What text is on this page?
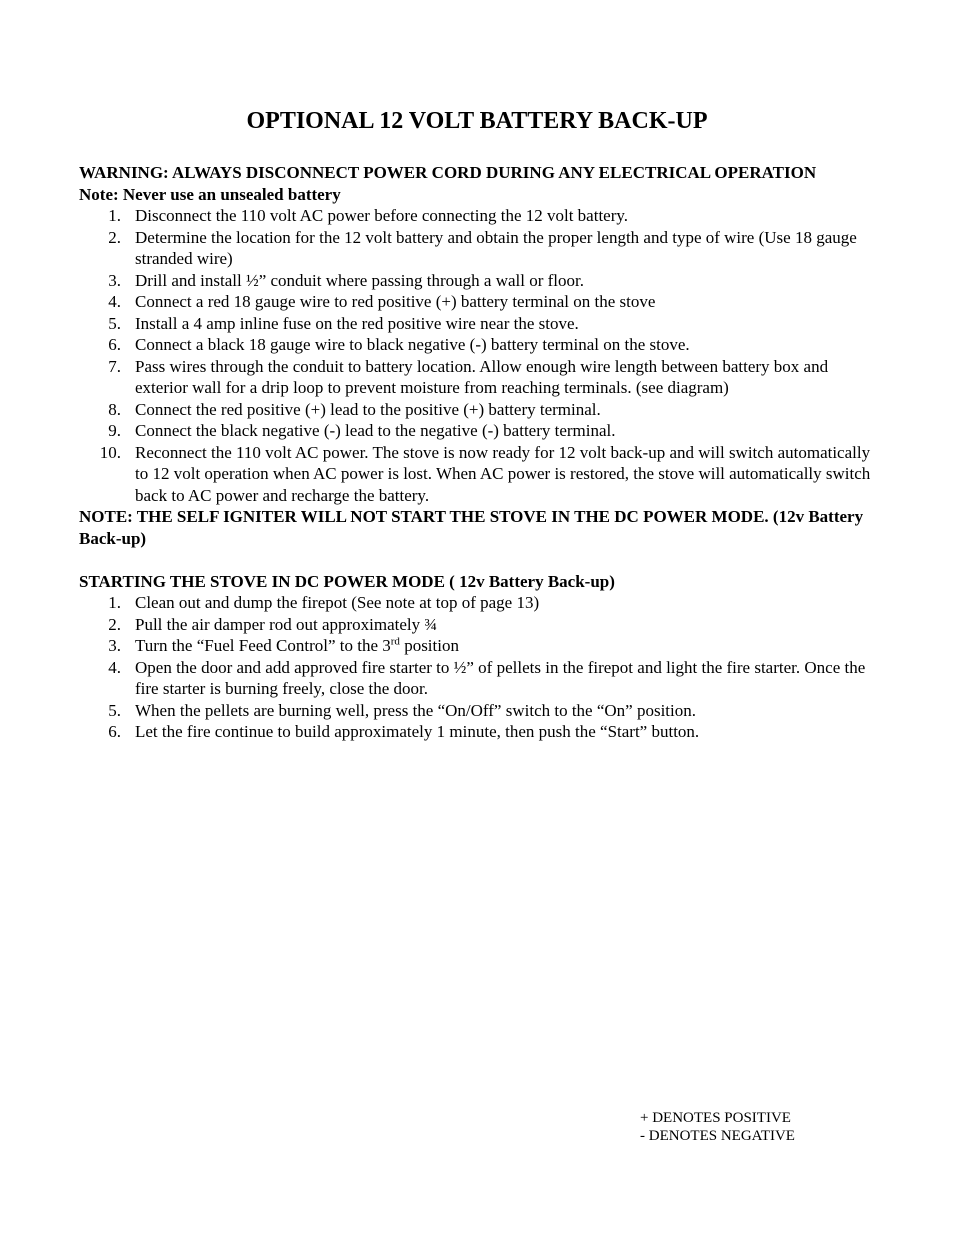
OPTIONAL 12 VOLT BATTERY BACK-UP

WARNING: ALWAYS DISCONNECT POWER CORD DURING ANY ELECTRICAL OPERATION

Note: Never use an unsealed battery

1. Disconnect the 110 volt AC power before connecting the 12 volt battery.
2. Determine the location for the 12 volt battery and obtain the proper length and type of wire (Use 18 gauge stranded wire)
3. Drill and install ½” conduit where passing through a wall or floor.
4. Connect a red 18 gauge wire to red positive (+) battery terminal on the stove
5. Install a 4 amp inline fuse on the red positive wire near the stove.
6. Connect a black 18 gauge wire to black negative (-) battery terminal on the stove.
7. Pass wires through the conduit to battery location. Allow enough wire length between battery box and exterior wall for a drip loop to prevent moisture from reaching terminals. (see diagram)
8. Connect the red positive (+) lead to the positive (+) battery terminal.
9. Connect the black negative (-) lead to the negative (-) battery terminal.
10. Reconnect the 110 volt AC power. The stove is now ready for 12 volt back-up and will switch automatically to 12 volt operation when AC power is lost. When AC power is restored, the stove will automatically switch back to AC power and recharge the battery.

NOTE: THE SELF IGNITER WILL NOT START THE STOVE IN THE DC POWER MODE. (12v Battery Back-up)

STARTING THE STOVE IN DC POWER MODE ( 12v Battery Back-up)

1. Clean out and dump the firepot (See note at top of page 13)
2. Pull the air damper rod out approximately ¾
3. Turn the “Fuel Feed Control” to the 3rd position
4. Open the door and add approved fire starter to ½” of pellets in the firepot and light the fire starter. Once the fire starter is burning freely, close the door.
5. When the pellets are burning well, press the “On/Off” switch to the “On” position.
6. Let the fire continue to build approximately 1 minute, then push the “Start” button.

+ DENOTES POSITIVE

- DENOTES NEGATIVE
